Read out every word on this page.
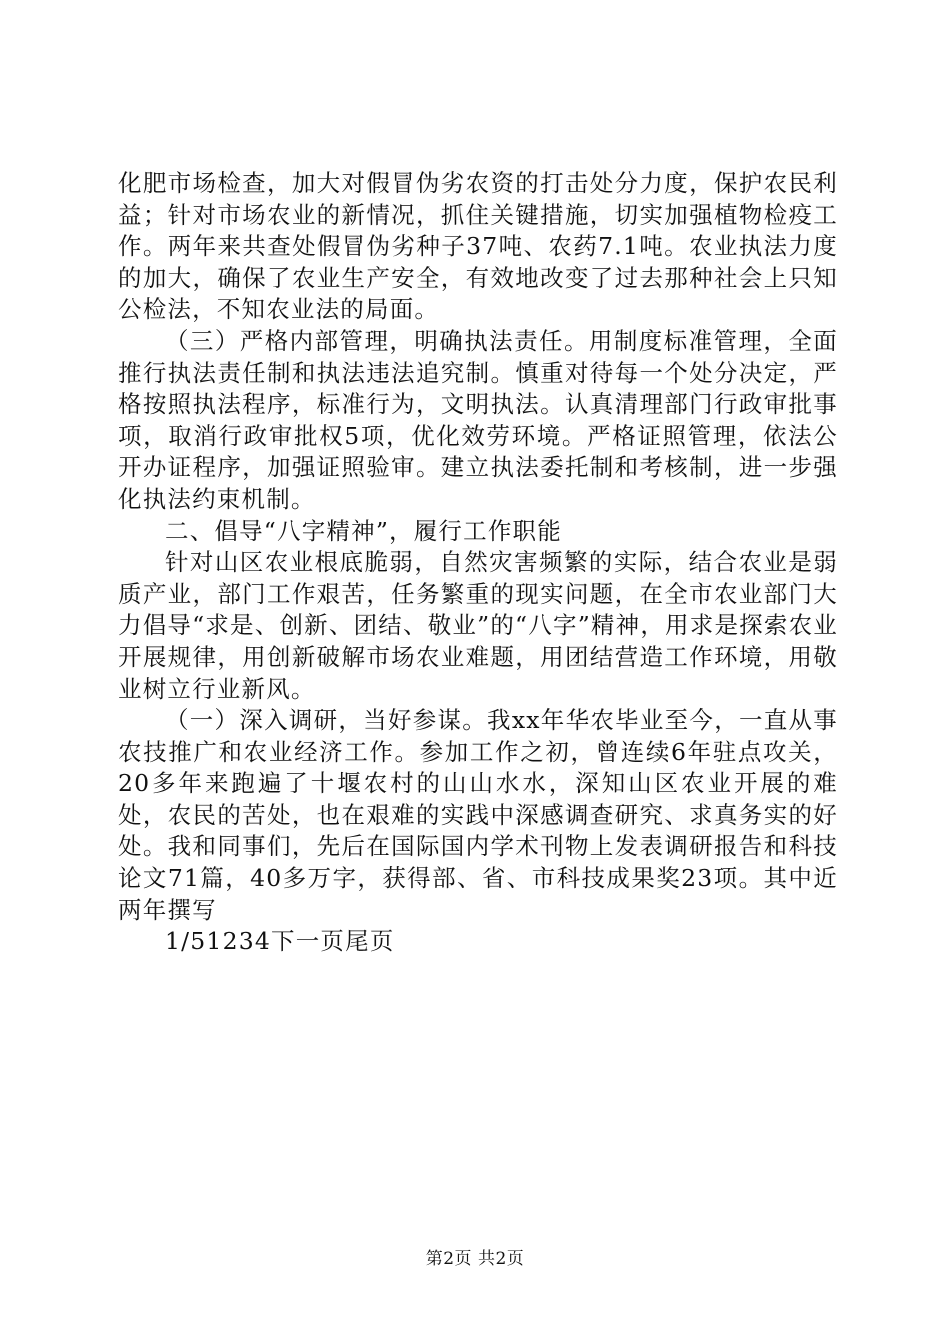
化肥市场检查，加大对假冒伪劣农资的打击处分力度，保护农民利益；针对市场农业的新情况，抓住关键措施，切实加强植物检疫工作。两年来共查处假冒伪劣种子37吨、农药7.1吨。农业执法力度的加大，确保了农业生产安全，有效地改变了过去那种社会上只知公检法，不知农业法的局面。

（三）严格内部管理，明确执法责任。用制度标准管理，全面推行执法责任制和执法违法追究制。慎重对待每一个处分决定，严格按照执法程序，标准行为，文明执法。认真清理部门行政审批事项，取消行政审批权5项，优化效劳环境。严格证照管理，依法公开办证程序，加强证照验审。建立执法委托制和考核制，进一步强化执法约束机制。

二、倡导“八字精神”，履行工作职能

针对山区农业根底脆弱，自然灾害频繁的实际，结合农业是弱质产业，部门工作艰苦，任务繁重的现实问题，在全市农业部门大力倡导“求是、创新、团结、敬业”的“八字”精神，用求是探索农业开展规律，用创新破解市场农业难题，用团结营造工作环境，用敬业树立行业新风。

（一）深入调研，当好参谋。我xx年华农毕业至今，一直从事农技推广和农业经济工作。参加工作之初，曾连续6年驻点攻关，20多年来跑遍了十堰农村的山山水水，深知山区农业开展的难处，农民的苦处，也在艰难的实践中深感调查研究、求真务实的好处。我和同事们，先后在国际国内学术刊物上发表调研报告和科技论文71篇，40多万字，获得部、省、市科技成果奖23项。其中近两年撰写

1/51234下一页尾页

第2页 共2页
